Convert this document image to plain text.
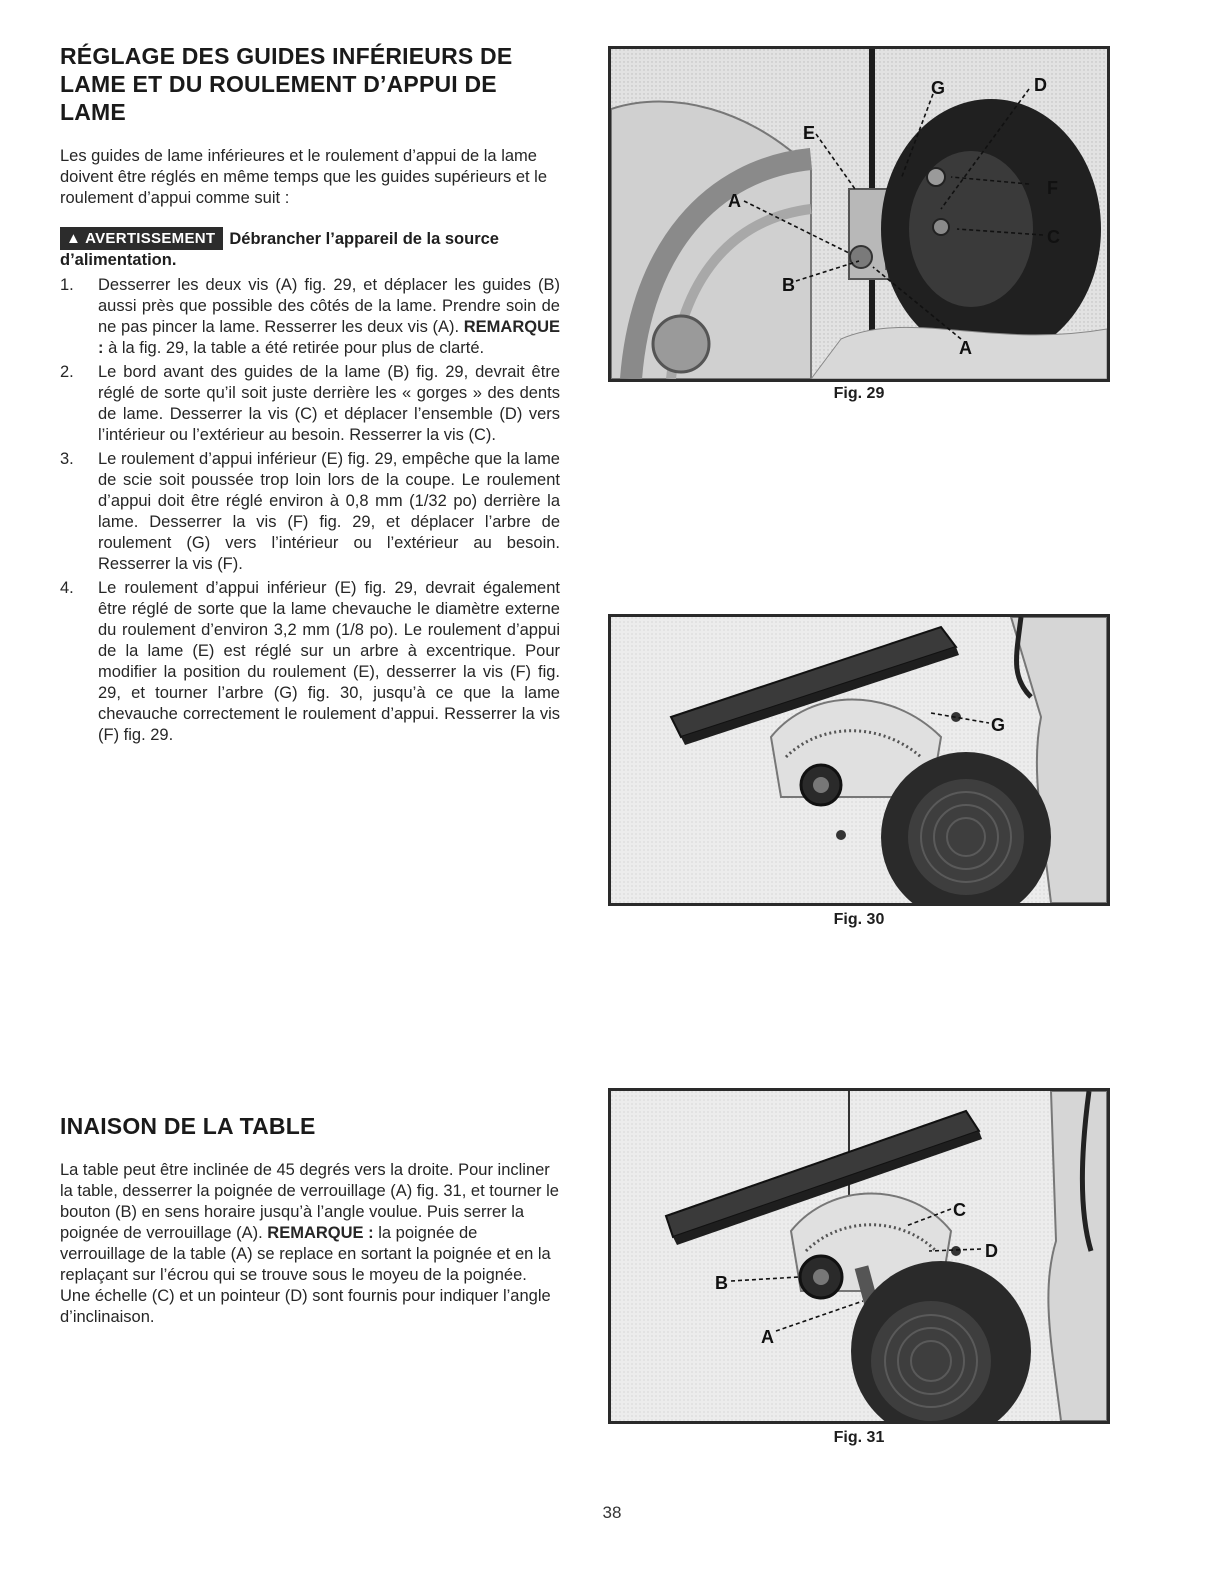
RÉGLAGE DES GUIDES INFÉRIEURS DE LAME ET DU ROULEMENT D’APPUI DE LAME

Les guides de lame inférieures et le roulement d’appui de la lame doivent être réglés en même temps que les guides supérieurs et le roulement d’appui comme suit :

▲ AVERTISSEMENT Débrancher l’appareil de la source d’alimentation.
1. Desserrer les deux vis (A) fig. 29, et déplacer les guides (B) aussi près que possible des côtés de la lame. Prendre soin de ne pas pincer la lame. Resserrer les deux vis (A). REMARQUE : à la fig. 29, la table a été retirée pour plus de clarté.
2. Le bord avant des guides de la lame (B) fig. 29, devrait être réglé de sorte qu’il soit juste derrière les « gorges » des dents de lame. Desserrer la vis (C) et déplacer l’ensemble (D) vers l’intérieur ou l’extérieur au besoin. Resserrer la vis (C).
3. Le roulement d’appui inférieur (E) fig. 29, empêche que la lame de scie soit poussée trop loin lors de la coupe. Le roulement d’appui doit être réglé environ à 0,8 mm (1/32 po) derrière la lame. Desserrer la vis (F) fig. 29, et déplacer l’arbre de roulement (G) vers l’intérieur ou l’extérieur au besoin. Resserrer la vis (F).
4. Le roulement d’appui inférieur (E) fig. 29, devrait également être réglé de sorte que la lame chevauche le diamètre externe du roulement d’environ 3,2 mm (1/8 po). Le roulement d’appui de la lame (E) est réglé sur un arbre à excentrique. Pour modifier la position du roulement (E), desserrer la vis (F) fig. 29, et tourner l’arbre (G) fig. 30, jusqu’à ce que la lame chevauche correctement le roulement d’appui. Resserrer la vis (F) fig. 29.
INAISON DE LA TABLE

La table peut être inclinée de 45 degrés vers la droite. Pour incliner la table, desserrer la poignée de verrouillage (A) fig. 31, et tourner le bouton (B) en sens horaire jusqu’à l’angle voulue. Puis serrer la poignée de verrouillage (A). REMARQUE : la poignée de verrouillage de la table (A) se replace en sortant la poignée et en la replaçant sur l’écrou qui se trouve sous le moyeu de la poignée. Une échelle (C) et un pointeur (D) sont fournis pour indiquer l’angle d’inclinaison.

G	D
E
F
A
C
B
A
Fig. 29
G
Fig. 30
C
D
B
A
Fig. 31
38
